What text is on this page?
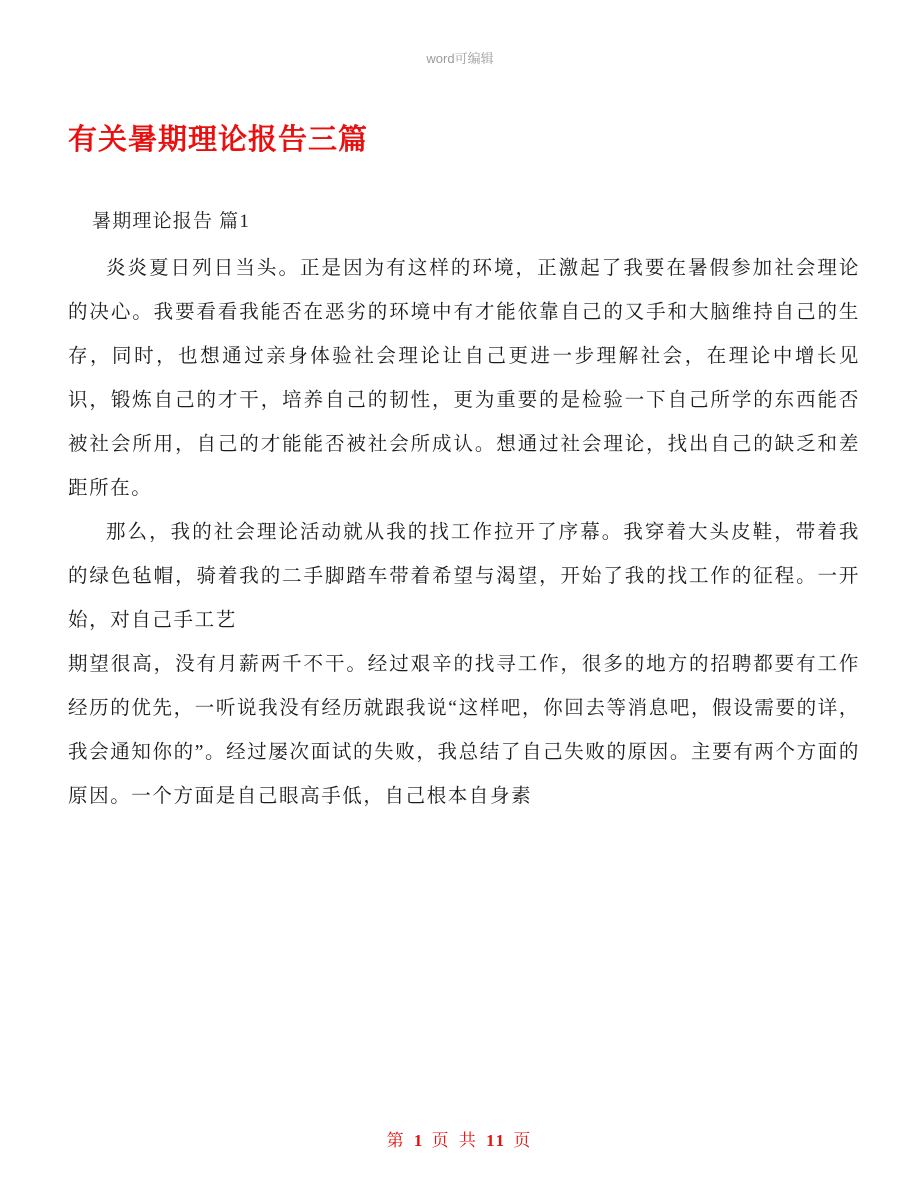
word可编辑
有关暑期理论报告三篇
暑期理论报告 篇1

炎炎夏日列日当头。正是因为有这样的环境，正激起了我要在暑假参加社会理论的决心。我要看看我能否在恶劣的环境中有才能依靠自己的又手和大脑维持自己的生存，同时，也想通过亲身体验社会理论让自己更进一步理解社会，在理论中增长见识，锻炼自己的才干，培养自己的韧性，更为重要的是检验一下自己所学的东西能否被社会所用，自己的才能能否被社会所成认。想通过社会理论，找出自己的缺乏和差距所在。

那么，我的社会理论活动就从我的找工作拉开了序幕。我穿着大头皮鞋，带着我的绿色毡帽，骑着我的二手脚踏车带着希望与渴望，开始了我的找工作的征程。一开始，对自己手工艺

期望很高，没有月薪两千不干。经过艰辛的找寻工作，很多的地方的招聘都要有工作经历的优先，一听说我没有经历就跟我说“这样吧，你回去等消息吧，假设需要的详，我会通知你的”。经过屡次面试的失败，我总结了自己失败的原因。主要有两个方面的原因。一个方面是自己眼高手低，自己根本自身素

第 1 页 共 11 页
